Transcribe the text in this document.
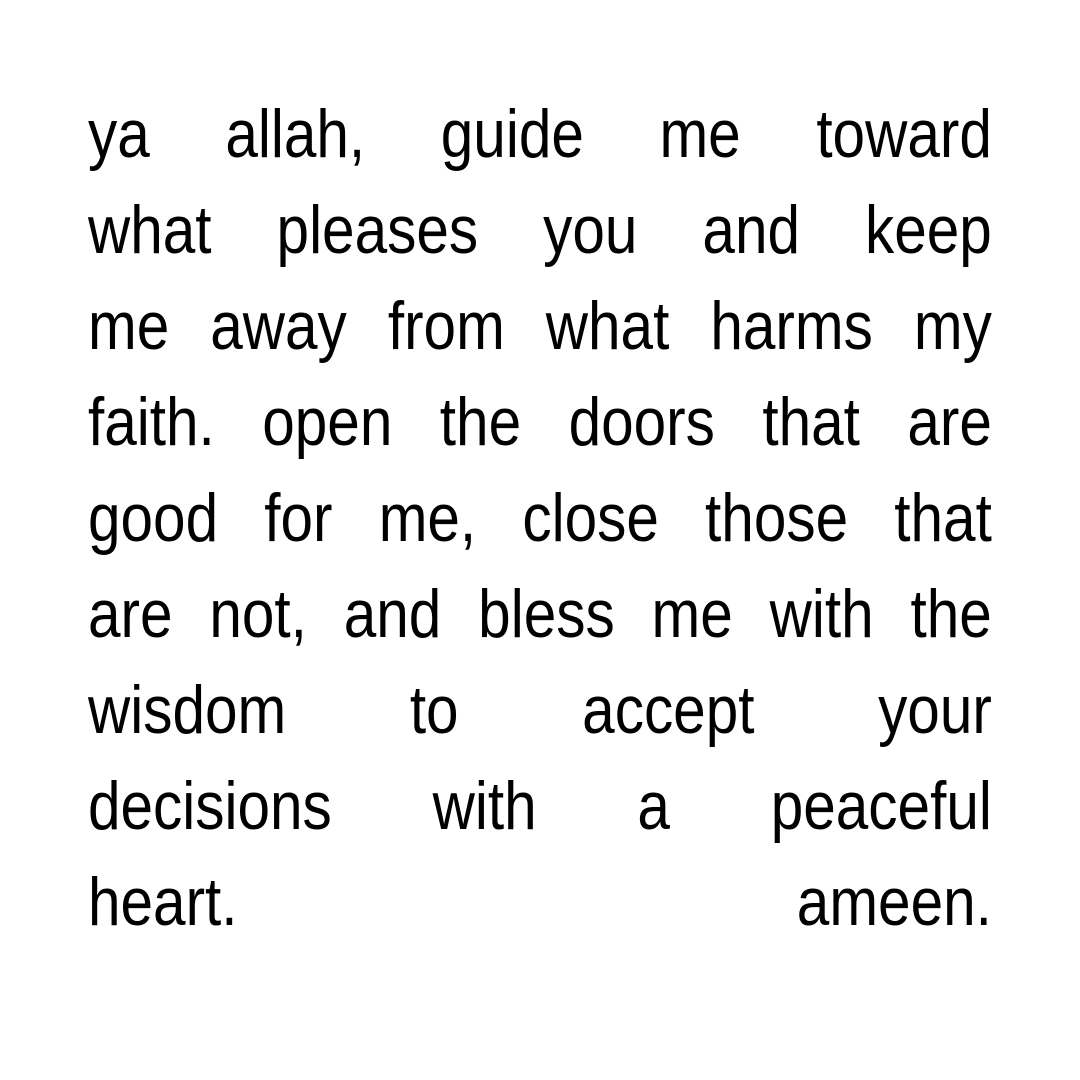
ya allah, guide me toward
what pleases you and keep
me away from what harms my
faith. open the doors that are
good for me, close those that
are not, and bless me with the
wisdom to accept your
decisions with a peaceful
heart.	ameen.
